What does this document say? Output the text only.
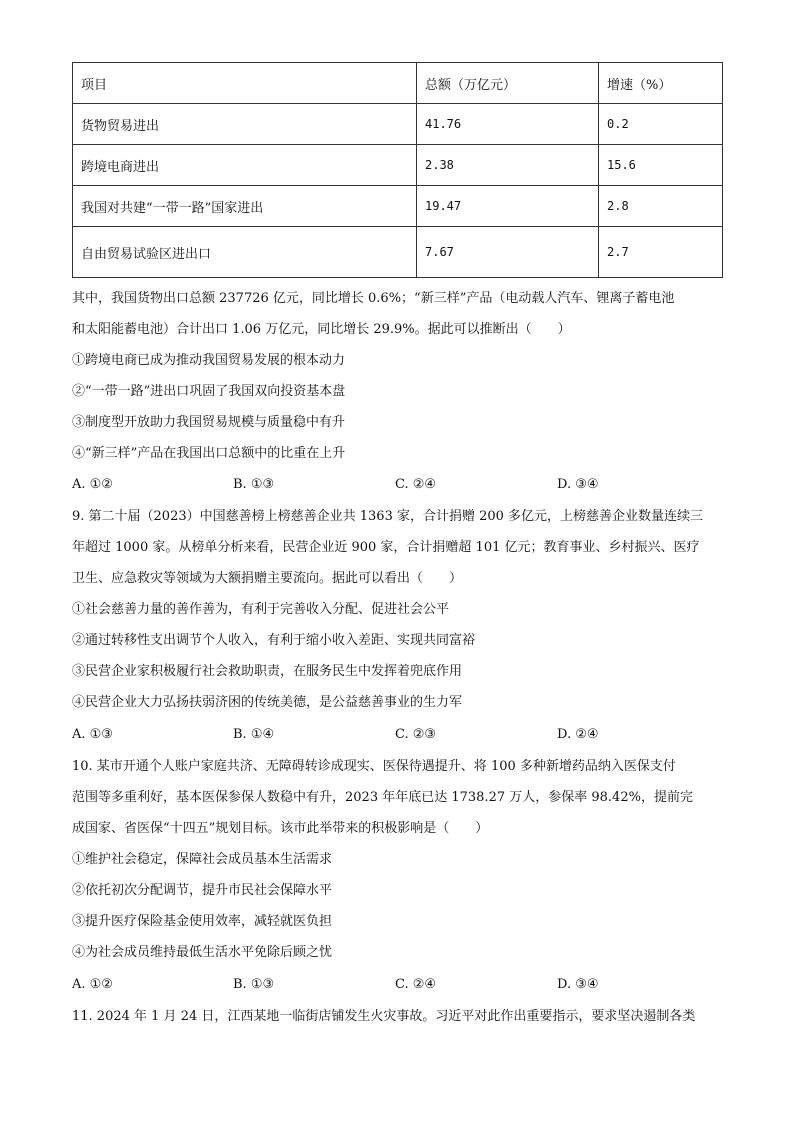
项目	总额（万亿元）	增速（%）
货物贸易进出	41.76	0.2
跨境电商进出	2.38	15.6
我国对共建“一带一路”国家进出	19.47	2.8
自由贸易试验区进出口	7.67	2.7
其中，我国货物出口总额 237726 亿元，同比增长 0.6%；“新三样”产品（电动载人汽车、锂离子蓄电池
和太阳能蓄电池）合计出口 1.06 万亿元，同比增长 29.9%。据此可以推断出（　　）
①跨境电商已成为推动我国贸易发展的根本动力
②“一带一路”进出口巩固了我国双向投资基本盘
③制度型开放助力我国贸易规模与质量稳中有升
④“新三样”产品在我国出口总额中的比重在上升
A. ①②	B. ①③	C. ②④	D. ③④
9. 第二十届（2023）中国慈善榜上榜慈善企业共 1363 家，合计捐赠 200 多亿元，上榜慈善企业数量连续三
年超过 1000 家。从榜单分析来看，民营企业近 900 家，合计捐赠超 101 亿元；教育事业、乡村振兴、医疗
卫生、应急救灾等领域为大额捐赠主要流向。据此可以看出（　　）
①社会慈善力量的善作善为，有利于完善收入分配、促进社会公平
②通过转移性支出调节个人收入，有利于缩小收入差距、实现共同富裕
③民营企业家积极履行社会救助职责，在服务民生中发挥着兜底作用
④民营企业大力弘扬扶弱济困的传统美德，是公益慈善事业的生力军
A. ①③	B. ①④	C. ②③	D. ②④
10. 某市开通个人账户家庭共济、无障碍转诊成现实、医保待遇提升、将 100 多种新增药品纳入医保支付
范围等多重利好，基本医保参保人数稳中有升，2023 年年底已达 1738.27 万人，参保率 98.42%，提前完
成国家、省医保“十四五”规划目标。该市此举带来的积极影响是（　　）
①维护社会稳定，保障社会成员基本生活需求
②依托初次分配调节，提升市民社会保障水平
③提升医疗保险基金使用效率，减轻就医负担
④为社会成员维持最低生活水平免除后顾之忧
A. ①②	B. ①③	C. ②④	D. ③④
11. 2024 年 1 月 24 日，江西某地一临街店铺发生火灾事故。习近平对此作出重要指示，要求坚决遏制各类
